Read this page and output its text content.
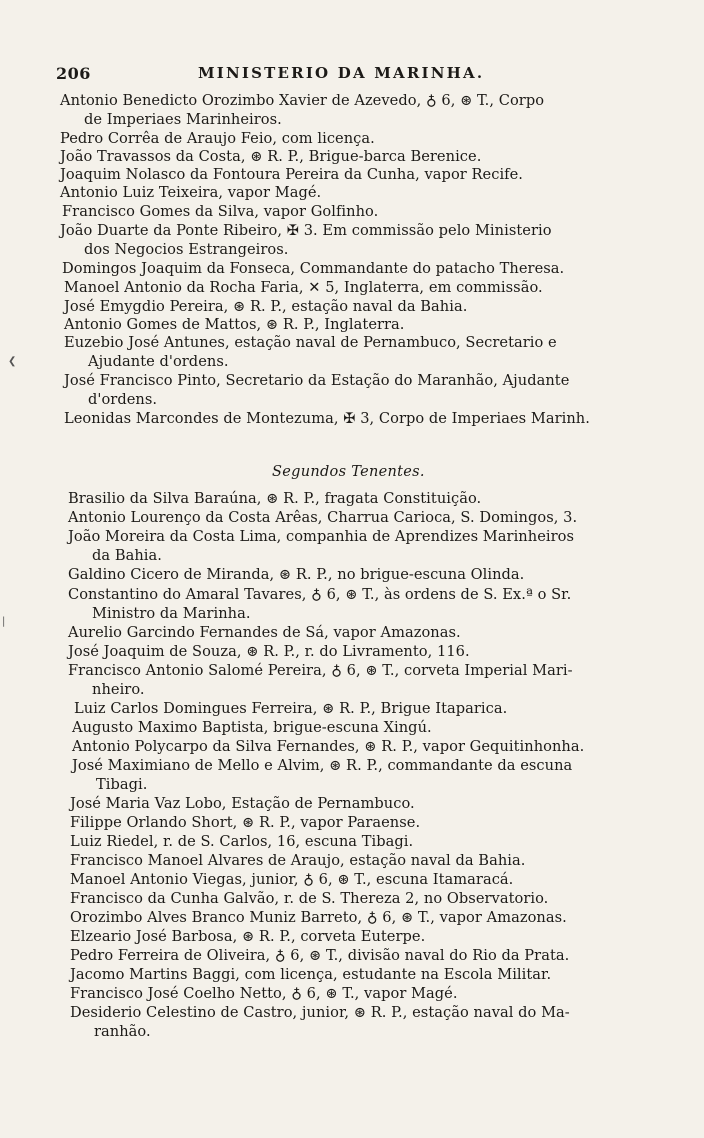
206	MINISTERIO DA MARINHA.
Antonio Benedicto Orozimbo Xavier de Azevedo, ♁ 6, ⊛ T., Corpo
de Imperiaes Marinheiros.
Pedro Corrêa de Araujo Feio, com licença.
João Travassos da Costa, ⊛ R. P., Brigue-barca Berenice.
Joaquim Nolasco da Fontoura Pereira da Cunha, vapor Recife.
Antonio Luiz Teixeira, vapor Magé.
Francisco Gomes da Silva, vapor Golfinho.
João Duarte da Ponte Ribeiro, ✠ 3. Em commissão pelo Ministerio
dos Negocios Estrangeiros.
Domingos Joaquim da Fonseca, Commandante do patacho Theresa.
Manoel Antonio da Rocha Faria, ✕ 5, Inglaterra, em commissão.
José Emygdio Pereira, ⊛ R. P., estação naval da Bahia.
Antonio Gomes de Mattos, ⊛ R. P., Inglaterra.
Euzebio José Antunes, estação naval de Pernambuco, Secretario e
Ajudante d'ordens.
José Francisco Pinto, Secretario da Estação do Maranhão, Ajudante
d'ordens.
Leonidas Marcondes de Montezuma, ✠ 3, Corpo de Imperiaes Marinh.
Segundos Tenentes.
Brasilio da Silva Baraúna, ⊛ R. P., fragata Constituição.
Antonio Lourenço da Costa Arêas, Charrua Carioca, S. Domingos, 3.
João Moreira da Costa Lima, companhia de Aprendizes Marinheiros
da Bahia.
Galdino Cicero de Miranda, ⊛ R. P., no brigue-escuna Olinda.
Constantino do Amaral Tavares, ♁ 6, ⊛ T., às ordens de S. Ex.ª o Sr.
Ministro da Marinha.
Aurelio Garcindo Fernandes de Sá, vapor Amazonas.
José Joaquim de Souza, ⊛ R. P., r. do Livramento, 116.
Francisco Antonio Salomé Pereira, ♁ 6, ⊛ T., corveta Imperial Mari-
nheiro.
Luiz Carlos Domingues Ferreira, ⊛ R. P., Brigue Itaparica.
Augusto Maximo Baptista, brigue-escuna Xingú.
Antonio Polycarpo da Silva Fernandes, ⊛ R. P., vapor Gequitinhonha.
José Maximiano de Mello e Alvim, ⊛ R. P., commandante da escuna
Tibagi.
José Maria Vaz Lobo, Estação de Pernambuco.
Filippe Orlando Short, ⊛ R. P., vapor Paraense.
Luiz Riedel, r. de S. Carlos, 16, escuna Tibagi.
Francisco Manoel Alvares de Araujo, estação naval da Bahia.
Manoel Antonio Viegas, junior, ♁ 6, ⊛ T., escuna Itamaracá.
Francisco da Cunha Galvão, r. de S. Thereza 2, no Observatorio.
Orozimbo Alves Branco Muniz Barreto, ♁ 6, ⊛ T., vapor Amazonas.
Elzeario José Barbosa, ⊛ R. P., corveta Euterpe.
Pedro Ferreira de Oliveira, ♁ 6, ⊛ T., divisão naval do Rio da Prata.
Jacomo Martins Baggi, com licença, estudante na Escola Militar.
Francisco José Coelho Netto, ♁ 6, ⊛ T., vapor Magé.
Desiderio Celestino de Castro, junior, ⊛ R. P., estação naval do Ma-
ranhão.
❮
|
